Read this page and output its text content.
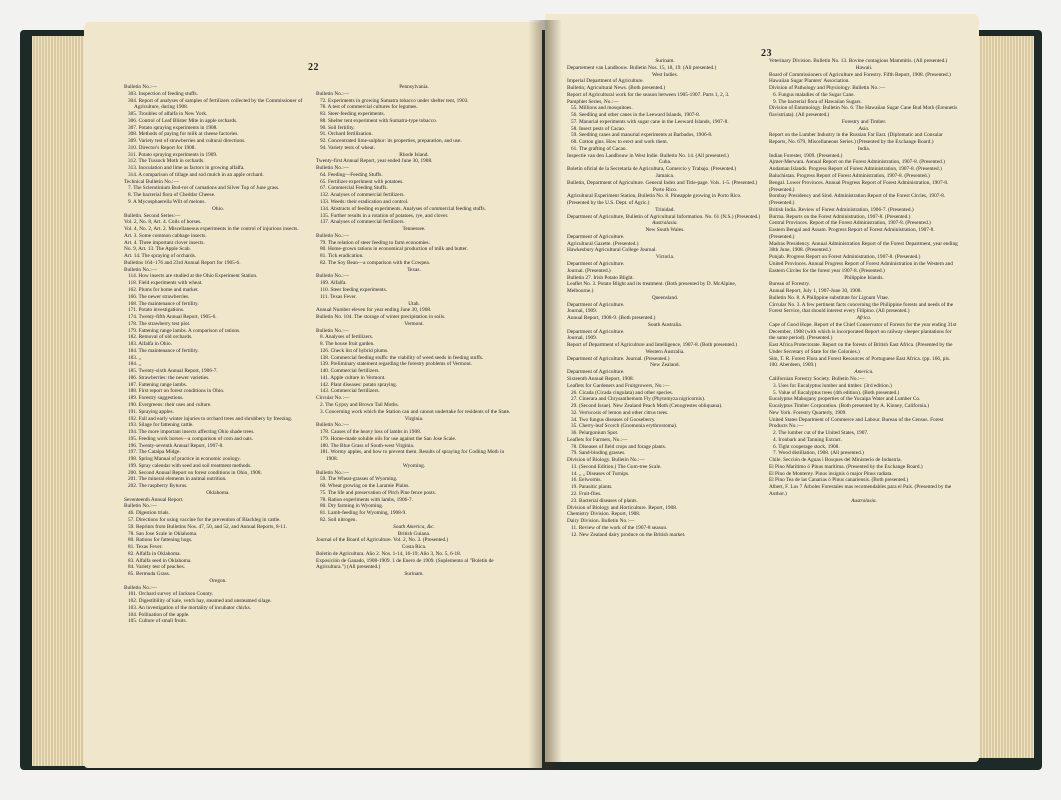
22
Bulletin No.:—
303. Inspection of feeding stuffs.
304. Report of analyses of samples of fertilizers collected by the Commissioner of Agriculture, during 1908.
305. Troubles of alfalfa in New York.
306. Control of Leaf Blister Mite in apple orchards.
307. Potato spraying experiments in 1908.
308. Methods of paying for milk at cheese factories.
309. Variety test of strawberries and cultural directions.
310. Director's Report for 1908.
311. Potato spraying experiments in 1909.
312. The Tussock Moth in orchards.
313. Inoculation and lime as factors in growing alfalfa.
314. A comparison of tillage and sod mulch in an apple orchard.
Technical Bulletin No.:—
7. The Sclerotinium Bud-rot of carnations and Silver Top of June grass.
8. The bacterial flora of Cheddar Cheese.
9. A Mycosphaerella Wilt of melons.
Ohio.
Bulletin. Second Series:—
Vol. 2, No. 8, Art. 4. Coils of horses.
Vol. 4, No. 2, Art. 2. Miscellaneous experiments in the control of injurious insects.
Art. 3. Some common cabbage insects.
Art. 4. Three important clover insects.
No. 9, Art. 13. The Apple Scab.
Art. 14. The spraying of orchards.
Bulletins 164–176 and 23rd Annual Report for 1905-6.
Bulletin No.:—
114. How insects are studied at the Ohio Experiment Station.
118. Field experiments with wheat.
162. Plums for home and market.
166. The newer strawberries.
168. The maintenance of fertility.
171. Potato investigations.
174. Twenty-fifth Annual Report, 1905-6.
178. The strawberry test plot.
179. Fattening range lambs. A comparison of rations.
182. Removal of old orchards.
183. Alfalfa in Ohio.
184. The maintenance of fertility.
183. „
184. „
185. Twenty-sixth Annual Report, 1906-7.
186. Strawberries: the newer varieties.
187. Fattening range lambs.
188. First report on forest conditions in Ohio.
189. Forestry suggestions.
190. Evergreens: their uses and culture.
191. Spraying apples.
192. Fall and early winter injuries to orchard trees and shrubbery by freezing.
193. Silage for fattening cattle.
194. The more important insects affecting Ohio shade trees.
195. Feeding work horses—a comparison of corn and oats.
196. Twenty-seventh Annual Report, 1907-8.
197. The Catalpa Midge.
198. Spring Manual of practice in economic zoology.
199. Spray calendar with seed and soil treatment methods.
200. Second Annual Report on forest conditions in Ohio, 1908.
201. The mineral elements in animal nutrition.
202. The raspberry Byturus.
Oklahoma.
Seventeenth Annual Report.
Bulletin No.:—
46. Digestion trials.
57. Directions for using vaccine for the prevention of Blackleg in cattle.
59. Reprints from Bulletins Nos. 47, 50, and 52, and Annual Reports, 8-11.
78. San Jose Scale in Oklahoma.
80. Rations for fattening hogs.
81. Texas Fever.
82. Alfalfa in Oklahoma.
83. Alfalfa seed in Oklahoma.
84. Variety test of peaches.
85. Bermuda Grass.
Oregon.
Bulletin No.:—
101. Orchard survey of Jackson County.
102. Digestibility of kale, vetch hay, steamed and unsteamed silage.
103. An investigation of the mortality of incubator chicks.
104. Pollination of the apple.
105. Culture of small fruits.
Pennsylvania.
Bulletin No.:—
72. Experiments in growing Sumatra tobacco under shelter tent, 1903.
78. A test of commercial cultures for legumes.
83. Steer-feeding experiments.
88. Shelter tent experiment with Sumatra-type tobacco.
90. Soil fertility.
91. Orchard fertilization.
92. Concentrated lime-sulphur: its properties, preparation, and use.
94. Variety tests of wheat.
Rhode Island.
Twenty-first Annual Report, year ended June 30, 1908.
Bulletin No.:—
64. Feeding—Feeding Stuffs.
65. Fertilizer experiment with potatoes.
67. Commercial Feeding Stuffs.
132. Analyses of commercial fertilizers.
133. Weeds: their eradication and control.
134. Abstracts of feeding experiments. Analyses of commercial feeding stuffs.
135. Further results in a rotation of potatoes, rye, and clover.
137. Analyses of commercial fertilizers.
Tennessee.
Bulletin No.:—
79. The relation of steer feeding to farm economies.
80. Home-grown rations in economical production of milk and butter.
81. Tick eradication.
82. The Soy Bean—a comparison with the Cowpea.
Texas.
Bulletin No.:—
109. Alfalfa.
110. Steer feeding experiments.
111. Texas Fever.
Utah.
Annual Number eleven for year ending June 30, 1908.
Bulletin No. 104. The storage of winter precipitation in soils.
Vermont.
Bulletin No.:—
8. Analyses of fertilizers.
8. The house fruit garden.
126. Check list of hybrid plums.
138. Commercial feeding stuffs: the viability of weed seeds in feeding stuffs.
139. Preliminary statement regarding the forestry problems of Vermont.
140. Commercial fertilizers.
141. Apple culture in Vermont.
142. Plant diseases: potato spraying.
143. Commercial fertilizers.
Circular No.:—
2. The Gypsy and Brown Tail Moths.
3. Concerning work which the Station can and cannot undertake for residents of the State.
Virginia.
Bulletin No.:—
178. Causes of the heavy loss of lambs in 1908.
179. Home-made soluble oils for use against the San Jose Scale.
180. The Blue Grass of South-west Virginia.
181. Wormy apples, and how to prevent them. Results of spraying for Codling Moth in 1908.
Wyoming.
Bulletin No.:—
59. The Wheat-grasses of Wyoming.
60. Wheat growing on the Laramie Plains.
75. The life and preservation of Pitch Pine fence posts.
78. Ration experiments with lambs, 1906-7.
80. Dry farming in Wyoming.
81. Lamb-feeding for Wyoming, 1908-9.
82. Soil nitrogen.
South America, &c.
British Guiana.
Journal of the Board of Agriculture. Vol. 2, No. 3. (Presented.)
Costa Rica.
Boletín de Agricultura. Año 2. Nos. 1-14, 16-19; Año 3, No. 5, 6-18.
Exposición de Ganado, 1908-1909. 1 de Enero de 1909. (Suplemento al "Boletín de Agricultura.") (All presented.)
Surinam.
23
Surinam.
Departement van Landbouw. Bulletin Nos. 15, 18, 19. (All presented.)
West Indies.
Imperial Department of Agriculture.
Bulletin; Agricultural News. (Both presented.)
Report of Agricultural work for the season between 1905-1907. Parts 1, 2, 3.
Pamphlet Series, No.:—
55. Millions and mosquitoes.
56. Seedling and other canes in the Leeward Islands, 1907-8.
57. Manurial experiments with sugar cane in the Leeward Islands, 1907-8.
58. Insect pests of Cacao.
59. Seedling canes and manurial experiments at Barbados, 1906-8.
60. Cotton gins. How to erect and work them.
61. The grafting of Cacao.
Inspectie van den Landbouw in West Indie. Bulletin No. 14. (All presented.)
Cuba.
Boletín oficial de la Secretaría de Agricultura, Comercio y Trabajo. (Presented.)
Jamaica.
Bulletin, Department of Agriculture. General Index and Title-page. Vols. 1-5. (Presented.)
Porto Rico.
Agricultural Experiment Station, Bulletin No. 8. Pineapple growing in Porto Rico. (Presented by the U.S. Dept. of Agric.)
Trinidad.
Department of Agriculture, Bulletin of Agricultural Information. No. 61 (N.S.) (Presented.)
Australasia.
New South Wales.
Department of Agriculture.
Agricultural Gazette. (Presented.)
Hawkesbury Agricultural College Journal.
Victoria.
Department of Agriculture.
Journal. (Presented.)
Bulletin 27. Irish Potato Blight.
Leaflet No. 3. Potato Blight and its treatment. (Both presented by D. McAlpine, Melbourne.)
Queensland.
Department of Agriculture.
Journal, 1909.
Annual Report, 1908-9. (Both presented.)
South Australia.
Department of Agriculture.
Journal, 1909.
Report of Department of Agriculture and Intelligence, 1907-8. (Both presented.)
Western Australia.
Department of Agriculture. Journal. (Presented.)
New Zealand.
Department of Agriculture.
Sixteenth Annual Report, 1908.
Leaflets for Gardeners and Fruitgrowers, No.:—
26. Cicada (Cicada cingulata) and other species.
27. Cinerara and Chrysanthemum Fly (Phytomyza nigricornis).
29. (Second Issue). New Zealand Peach Moth (Cenogrestes obliquana).
32. Verrucosis of lemon and other citrus trees.
34. Two fungus diseases of Gooseberry.
35. Cherry-leaf Scorch (Gnomonia erythrostoma).
36. Pelargonium Spot.
Leaflets for Farmers, No.:—
78. Diseases of field crops and forage plants.
79. Sand-binding grasses.
Division of Biology. Bulletin No.:—
13. (Second Edition.) The Gum-tree Scale.
14. „ „ Diseases of Turnips.
16. Eelworms.
19. Parasitic plants.
22. Fruit-flies.
23. Bacterial diseases of plants.
Division of Biology and Horticulture. Report, 1908.
Chemistry Division. Report, 1908.
Dairy Division. Bulletin No.:—
11. Review of the work of the 1907-8 season.
12. New Zealand dairy produce on the British market.
Veterinary Division. Bulletin No. 13. Bovine contagious Mammitis. (All presented.)
Hawaii.
Board of Commissioners of Agriculture and Forestry. Fifth Report, 1908. (Presented.)
Hawaiian Sugar Planters' Association.
Division of Pathology and Physiology. Bulletin No.:—
6. Fungus maladies of the Sugar Cane.
9. The bacterial flora of Hawaiian Sugars.
Division of Entomology. Bulletin No. 6. The Hawaiian Sugar Cane Bud Moth (Ereunetis flavistriata). (All presented.)
Forestry and Timber.
Asia.
Report on the Lumber Industry in the Russian Far East. (Diplomatic and Consular Reports, No. 679, Miscellaneous Series.) (Presented by the Exchange Board.)
India.
Indian Forester, 1909. (Presented.)
Ajmer-Merwara. Annual Report on the Forest Administration, 1907-8. (Presented.)
Andaman Islands. Progress Report of Forest Administration, 1907-8. (Presented.)
Baluchistan. Progress Report of Forest Administration, 1907-8. (Presented.)
Bengal. Lower Provinces. Annual Progress Report of Forest Administration, 1907-8. (Presented.)
Bombay Presidency and Sind. Administration Report of the Forest Circles, 1907-8. (Presented.)
British India. Review of Forest Administration, 1906-7. (Presented.)
Burma. Reports on the Forest Administration, 1907-8. (Presented.)
Central Provinces. Report of the Forest Administration, 1907-8. (Presented.)
Eastern Bengal and Assam. Progress Report of Forest Administration, 1907-8. (Presented.)
Madras Presidency. Annual Administration Report of the Forest Department, year ending 30th June, 1908. (Presented.)
Punjab. Progress Report on Forest Administration, 1907-8. (Presented.)
United Provinces. Annual Progress Report of Forest Administration in the Western and Eastern Circles for the forest year 1907-8. (Presented.)
Philippine Islands.
Bureau of Forestry.
Annual Report, July 1, 1907-June 30, 1908.
Bulletin No. 8. A Philippine substitute for Lignum Vitae.
Circular No. 3. A few pertinent facts concerning the Philippine forests and needs of the Forest Service, that should interest every Filipino. (All presented.)
Africa.
Cape of Good Hope. Report of the Chief Conservator of Forests for the year ending 31st December, 1908 (with which is incorporated Report on railway sleeper plantations for the same period). (Presented.)
East Africa Protectorate. Report on the forests of British East Africa. (Presented by the Under Secretary of State for the Colonies.)
Sim, T. R. Forest Flora and Forest Resources of Portuguese East Africa. (pp. 166, pls. 100. Aberdeen, 1909.)
America.
Californian Forestry Society. Bulletin No.:—
3. Uses for Eucalyptus lumber and timber. (3rd edition.)
5. Value of Eucalyptus trees (4th edition). (Both presented.)
Eucalyptus Mahogany properties of the Yucaipa Water and Lumber Co.
Eucalyptus Timber Corporation. (Both presented by A. Kinney, California.)
New York. Forestry Quarterly, 1909.
United States Department of Commerce and Labour. Bureau of the Census. Forest Products No.:—
2. The lumber cut of the United States, 1907.
4. Ironbark and Tanning Extract.
6. Tight cooperage stock, 1908.
7. Wood distillation, 1908. (All presented.)
Chile. Sección de Aguas i Bosques del Ministerio de Industria.
El Pino Marítimo ó Pinus marítima. (Presented by the Exchange Board.)
El Pino de Monterey. Pinus insignis ó major Pinus radiata.
El Pino Tea de las Canarias ó Pinus canariensis. (Both presented.)
Albert, F. Los 7 Árboles Forestales mas recomendables para el País. (Presented by the Author.)
Australasia.
